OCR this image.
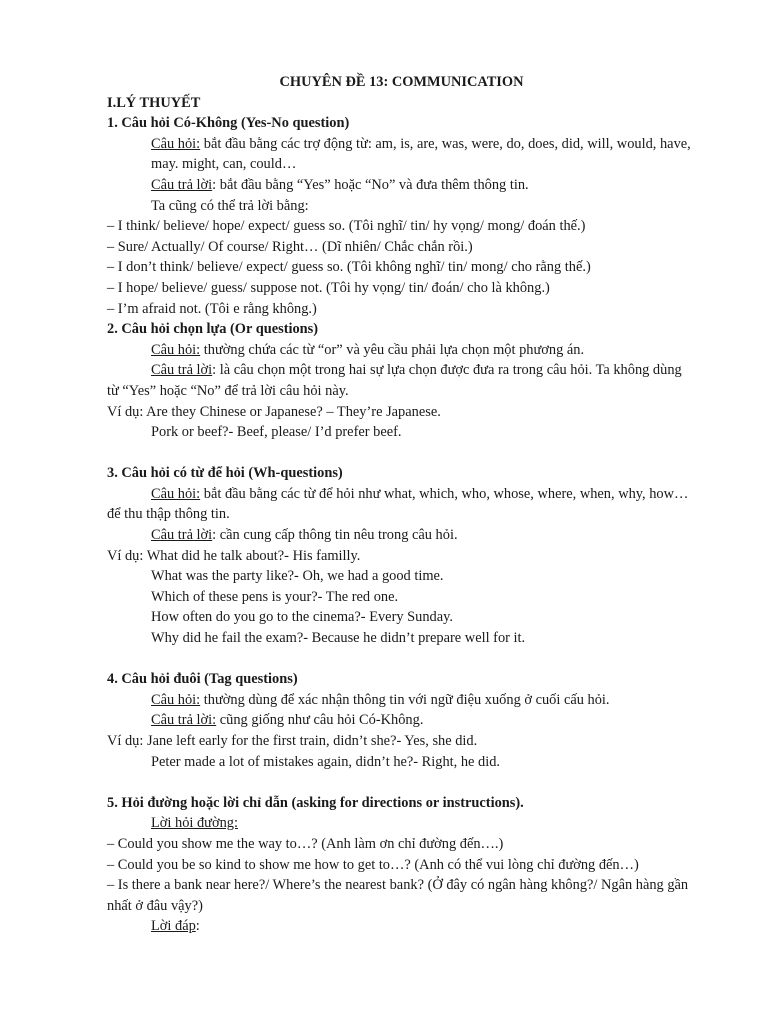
CHUYÊN ĐỀ 13: COMMUNICATION

I.LÝ THUYẾT

1. Câu hỏi Có-Không (Yes-No question)

Câu hỏi: bắt đầu bằng các trợ động từ: am, is, are, was, were, do, does, did, will, would, have, may. might, can, could…

Câu trả lời: bắt đầu bằng “Yes” hoặc “No” và đưa thêm thông tin.

Ta cũng có thể trả lời bằng:

– I think/ believe/ hope/ expect/ guess so. (Tôi nghĩ/ tin/ hy vọng/ mong/ đoán thế.)

– Sure/ Actually/ Of course/ Right… (Dĩ nhiên/ Chắc chắn rồi.)

– I don’t think/ believe/ expect/ guess so. (Tôi không nghĩ/ tin/ mong/ cho rằng thế.)

– I hope/ believe/ guess/ suppose not. (Tôi hy vọng/ tin/ đoán/ cho là không.)

– I’m afraid not. (Tôi e rằng không.)

2. Câu hỏi chọn lựa (Or questions)

Câu hỏi: thường chứa các từ “or” và yêu cầu phải lựa chọn một phương án.

Câu trả lời: là câu chọn một trong hai sự lựa chọn được đưa ra trong câu hỏi. Ta không dùng từ “Yes” hoặc “No” để trả lời câu hỏi này.

Ví dụ: Are they Chinese or Japanese? – They’re Japanese.

Pork or beef?- Beef, please/ I’d prefer beef.

3. Câu hỏi có từ để hỏi (Wh-questions)

Câu hỏi: bắt đầu bằng các từ để hỏi như what, which, who, whose, where, when, why, how…để thu thập thông tin.

Câu trả lời: cần cung cấp thông tin nêu trong câu hỏi.

Ví dụ: What did he talk about?- His familly.

What was the party like?- Oh, we had a good time.

Which of these pens is your?- The red one.

How often do you go to the cinema?- Every Sunday.

Why did he fail the exam?- Because he didn’t prepare well for it.

4. Câu hỏi đuôi (Tag questions)

Câu hỏi: thường dùng để xác nhận thông tin với ngữ điệu xuống ở cuối cấu hỏi.

Câu trả lời: cũng giống như câu hỏi Có-Không.

Ví dụ: Jane left early for the first train, didn’t she?- Yes, she did.

Peter made a lot of mistakes again, didn’t he?- Right, he did.

5. Hỏi đường hoặc lời chỉ dẫn (asking for directions or instructions).

Lời hỏi đường:

– Could you show me the way to…? (Anh làm ơn chỉ đường đến….)

– Could you be so kind to show me how to get to…? (Anh có thể vui lòng chỉ đường đến…)

– Is there a bank near here?/ Where’s the nearest bank? (Ở đây có ngân hàng không?/ Ngân hàng gần nhất ở đâu vậy?)

Lời đáp:
